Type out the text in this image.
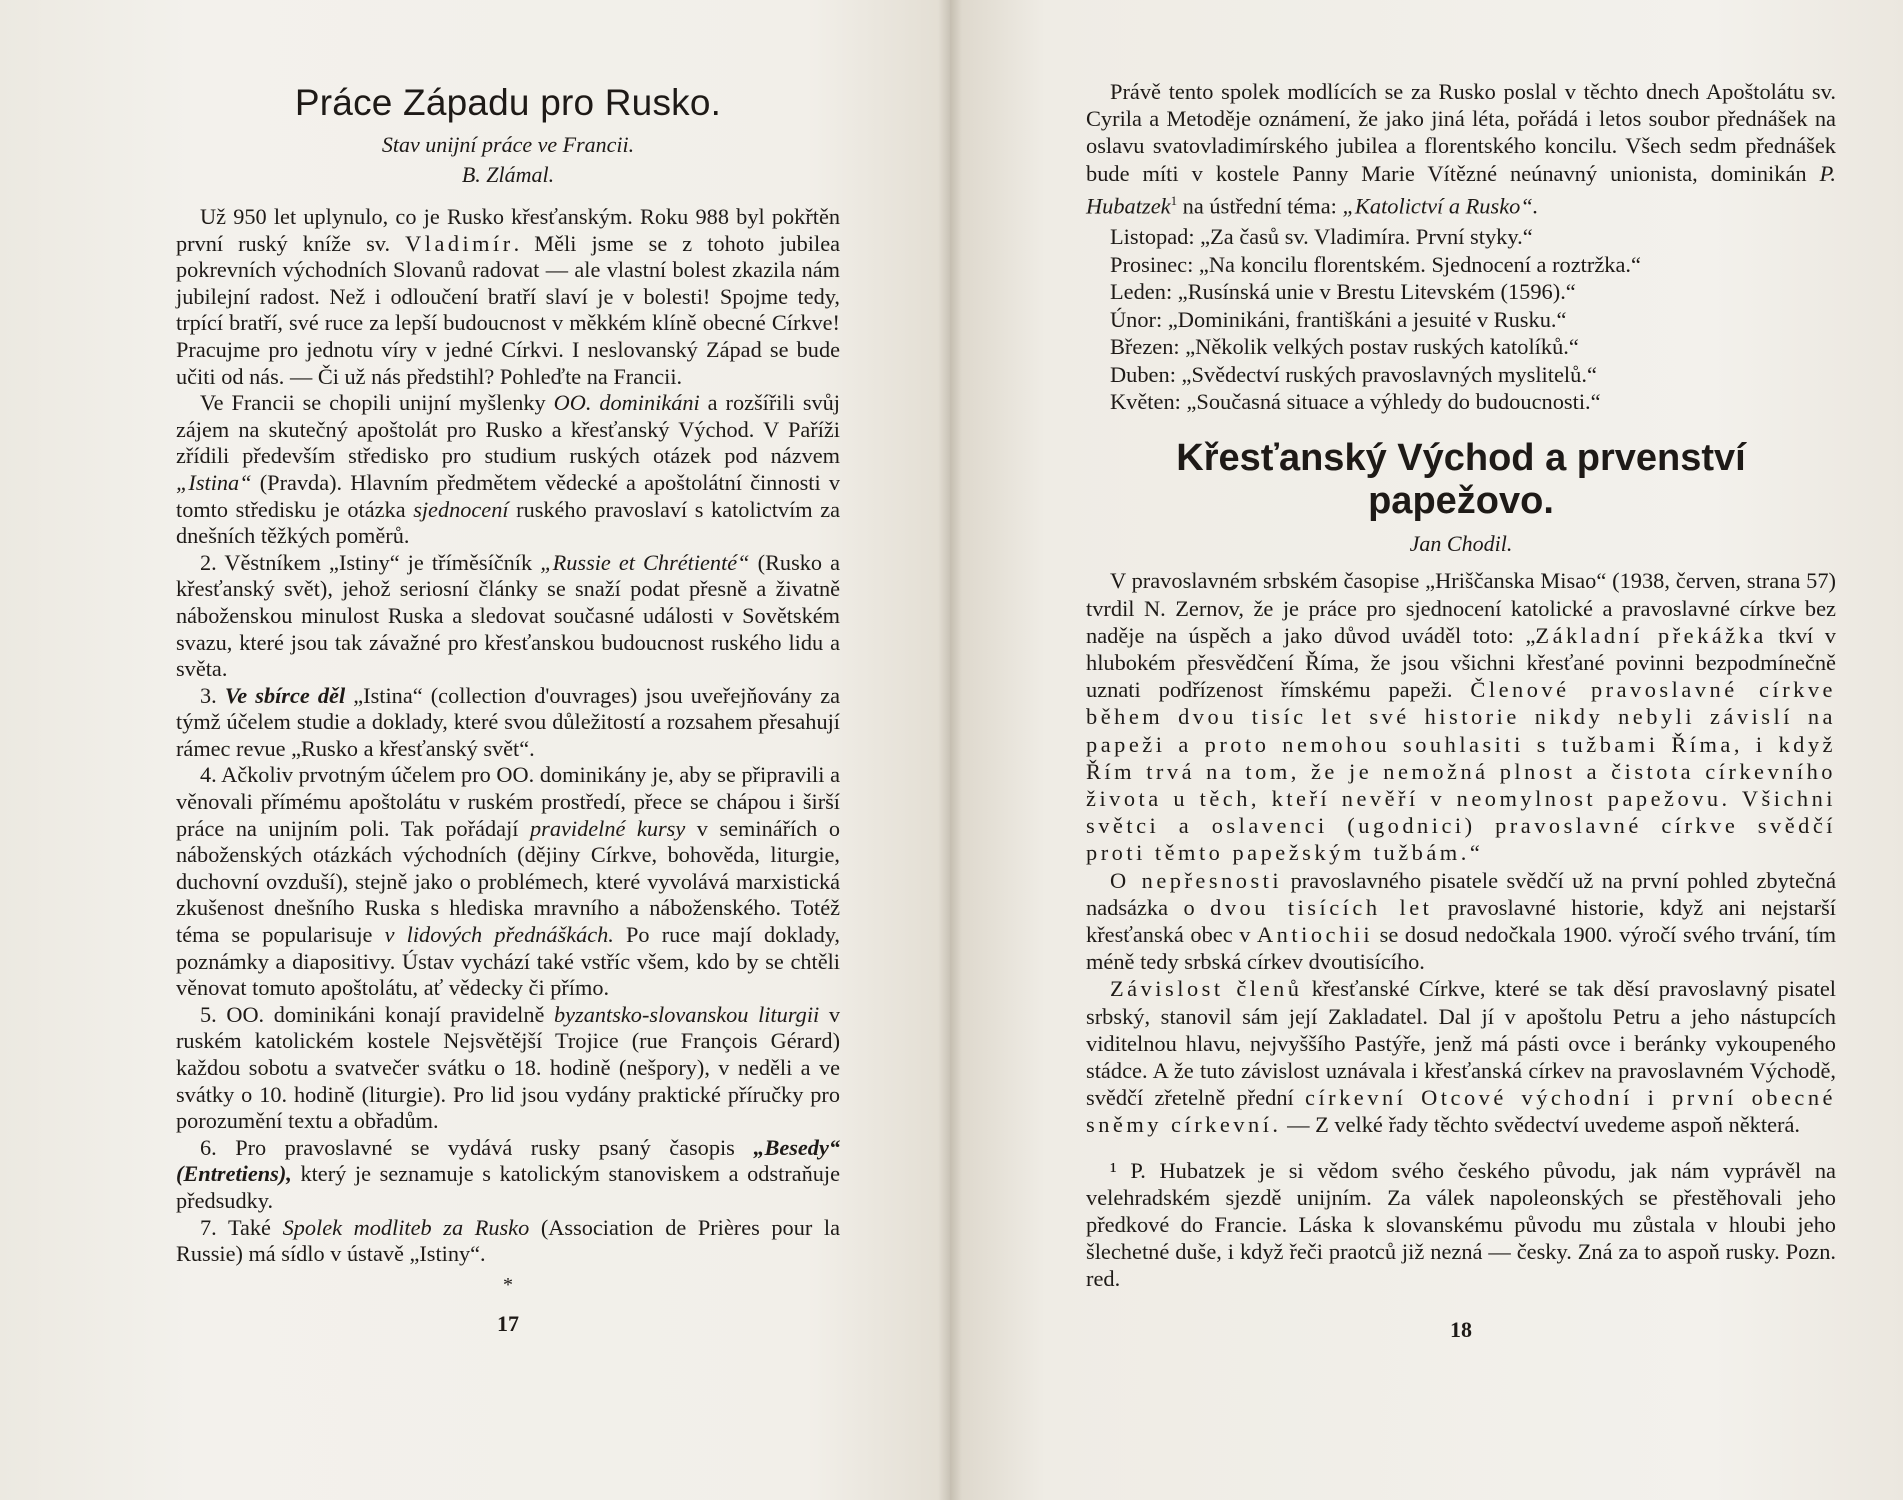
Práce Západu pro Rusko.
Stav unijní práce ve Francii.
B. Zlámal.

Už 950 let uplynulo, co je Rusko křesťanským. Roku 988 byl pokřtěn první ruský kníže sv. Vladimír. Měli jsme se z tohoto jubilea pokrevních východních Slovanů radovat — ale vlastní bolest zkazila nám jubilejní radost. Než i odloučení bratří slaví je v bolesti! Spojme tedy, trpící bratří, své ruce za lepší budoucnost v měkkém klíně obecné Církve! Pracujme pro jednotu víry v jedné Církvi. I neslovanský Západ se bude učiti od nás. — Či už nás předstihl? Pohleďte na Francii.

Ve Francii se chopili unijní myšlenky OO. dominikáni a rozšířili svůj zájem na skutečný apoštolát pro Rusko a křesťanský Východ. V Paříži zřídili především středisko pro studium ruských otázek pod názvem „Istina“ (Pravda). Hlavním předmětem vědecké a apoštolátní činnosti v tomto středisku je otázka sjednocení ruského pravoslaví s katolictvím za dnešních těžkých poměrů.

2. Věstníkem „Istiny“ je tříměsíčník „Russie et Chrétienté“ (Rusko a křesťanský svět), jehož seriosní články se snaží podat přesně a živatně náboženskou minulost Ruska a sledovat současné události v Sovětském svazu, které jsou tak závažné pro křesťanskou budoucnost ruského lidu a světa.

3. Ve sbírce děl „Istina“ (collection d'ouvrages) jsou uveřejňovány za týmž účelem studie a doklady, které svou důležitostí a rozsahem přesahují rámec revue „Rusko a křesťanský svět“.

4. Ačkoliv prvotným účelem pro OO. dominikány je, aby se připravili a věnovali přímému apoštolátu v ruském prostředí, přece se chápou i širší práce na unijním poli. Tak pořádají pravidelné kursy v seminářích o náboženských otázkách východních (dějiny Církve, bohověda, liturgie, duchovní ovzduší), stejně jako o problémech, které vyvolává marxistická zkušenost dnešního Ruska s hlediska mravního a náboženského. Totéž téma se popularisuje v lidových přednáškách. Po ruce mají doklady, poznámky a diapositivy. Ústav vychází také vstříc všem, kdo by se chtěli věnovat tomuto apoštolátu, ať vědecky či přímo.

5. OO. dominikáni konají pravidelně byzantsko-slovanskou liturgii v ruském katolickém kostele Nejsvětější Trojice (rue François Gérard) každou sobotu a svatvečer svátku o 18. hodině (nešpory), v neděli a ve svátky o 10. hodině (liturgie). Pro lid jsou vydány praktické příručky pro porozumění textu a obřadům.

6. Pro pravoslavné se vydává rusky psaný časopis „Besedy“ (Entretiens), který je seznamuje s katolickým stanoviskem a odstraňuje předsudky.

7. Také Spolek modliteb za Rusko (Association de Prières pour la Russie) má sídlo v ústavě „Istiny“.

*
17

Právě tento spolek modlících se za Rusko poslal v těchto dnech Apoštolátu sv. Cyrila a Metoděje oznámení, že jako jiná léta, pořádá i letos soubor přednášek na oslavu svatovladimírského jubilea a florentského koncilu. Všech sedm přednášek bude míti v kostele Panny Marie Vítězné neúnavný unionista, dominikán P. Hubatzek$^1$ na ústřední téma: „Katolictví a Rusko“.

Listopad: „Za časů sv. Vladimíra. První styky.“
Prosinec: „Na koncilu florentském. Sjednocení a roztržka.“
Leden: „Rusínská unie v Brestu Litevském (1596).“
Únor: „Dominikáni, františkáni a jesuité v Rusku.“
Březen: „Několik velkých postav ruských katolíků.“
Duben: „Svědectví ruských pravoslavných myslitelů.“
Květen: „Současná situace a výhledy do budoucnosti.“
Křesťanský Východ a prvenství papežovo.
Jan Chodil.

V pravoslavném srbském časopise „Hriščanska Misao“ (1938, červen, strana 57) tvrdil N. Zernov, že je práce pro sjednocení katolické a pravoslavné církve bez naděje na úspěch a jako důvod uváděl toto: „Základní překážka tkví v hlubokém přesvědčení Říma, že jsou všichni křesťané povinni bezpodmínečně uznati podřízenost římskému papeži. Členové pravoslavné církve během dvou tisíc let své historie nikdy nebyli závislí na papeži a proto nemohou souhlasiti s tužbami Říma, i když Řím trvá na tom, že je nemožná plnost a čistota církevního života u těch, kteří nevěří v neomylnost papežovu. Všichni světci a oslavenci (ugodnici) pravoslavné církve svědčí proti těmto papežským tužbám.“

O nepřesnosti pravoslavného pisatele svědčí už na první pohled zbytečná nadsázka o dvou tisících let pravoslavné historie, když ani nejstarší křesťanská obec v Antiochii se dosud nedočkala 1900. výročí svého trvání, tím méně tedy srbská církev dvoutisícího.

Závislost členů křesťanské Církve, které se tak děsí pravoslavný pisatel srbský, stanovil sám její Zakladatel. Dal jí v apoštolu Petru a jeho nástupcích viditelnou hlavu, nejvyššího Pastýře, jenž má pásti ovce i beránky vykoupeného stádce. A že tuto závislost uznávala i křesťanská církev na pravoslavném Východě, svědčí zřetelně přední církevní Otcové východní i první obecné sněmy církevní. — Z velké řady těchto svědectví uvedeme aspoň některá.

¹ P. Hubatzek je si vědom svého českého původu, jak nám vyprávěl na velehradském sjezdě unijním. Za válek napoleonských se přestěhovali jeho předkové do Francie. Láska k slovanskému původu mu zůstala v hloubi jeho šlechetné duše, i když řeči praotců již nezná — česky. Zná za to aspoň rusky. Pozn. red.

18
